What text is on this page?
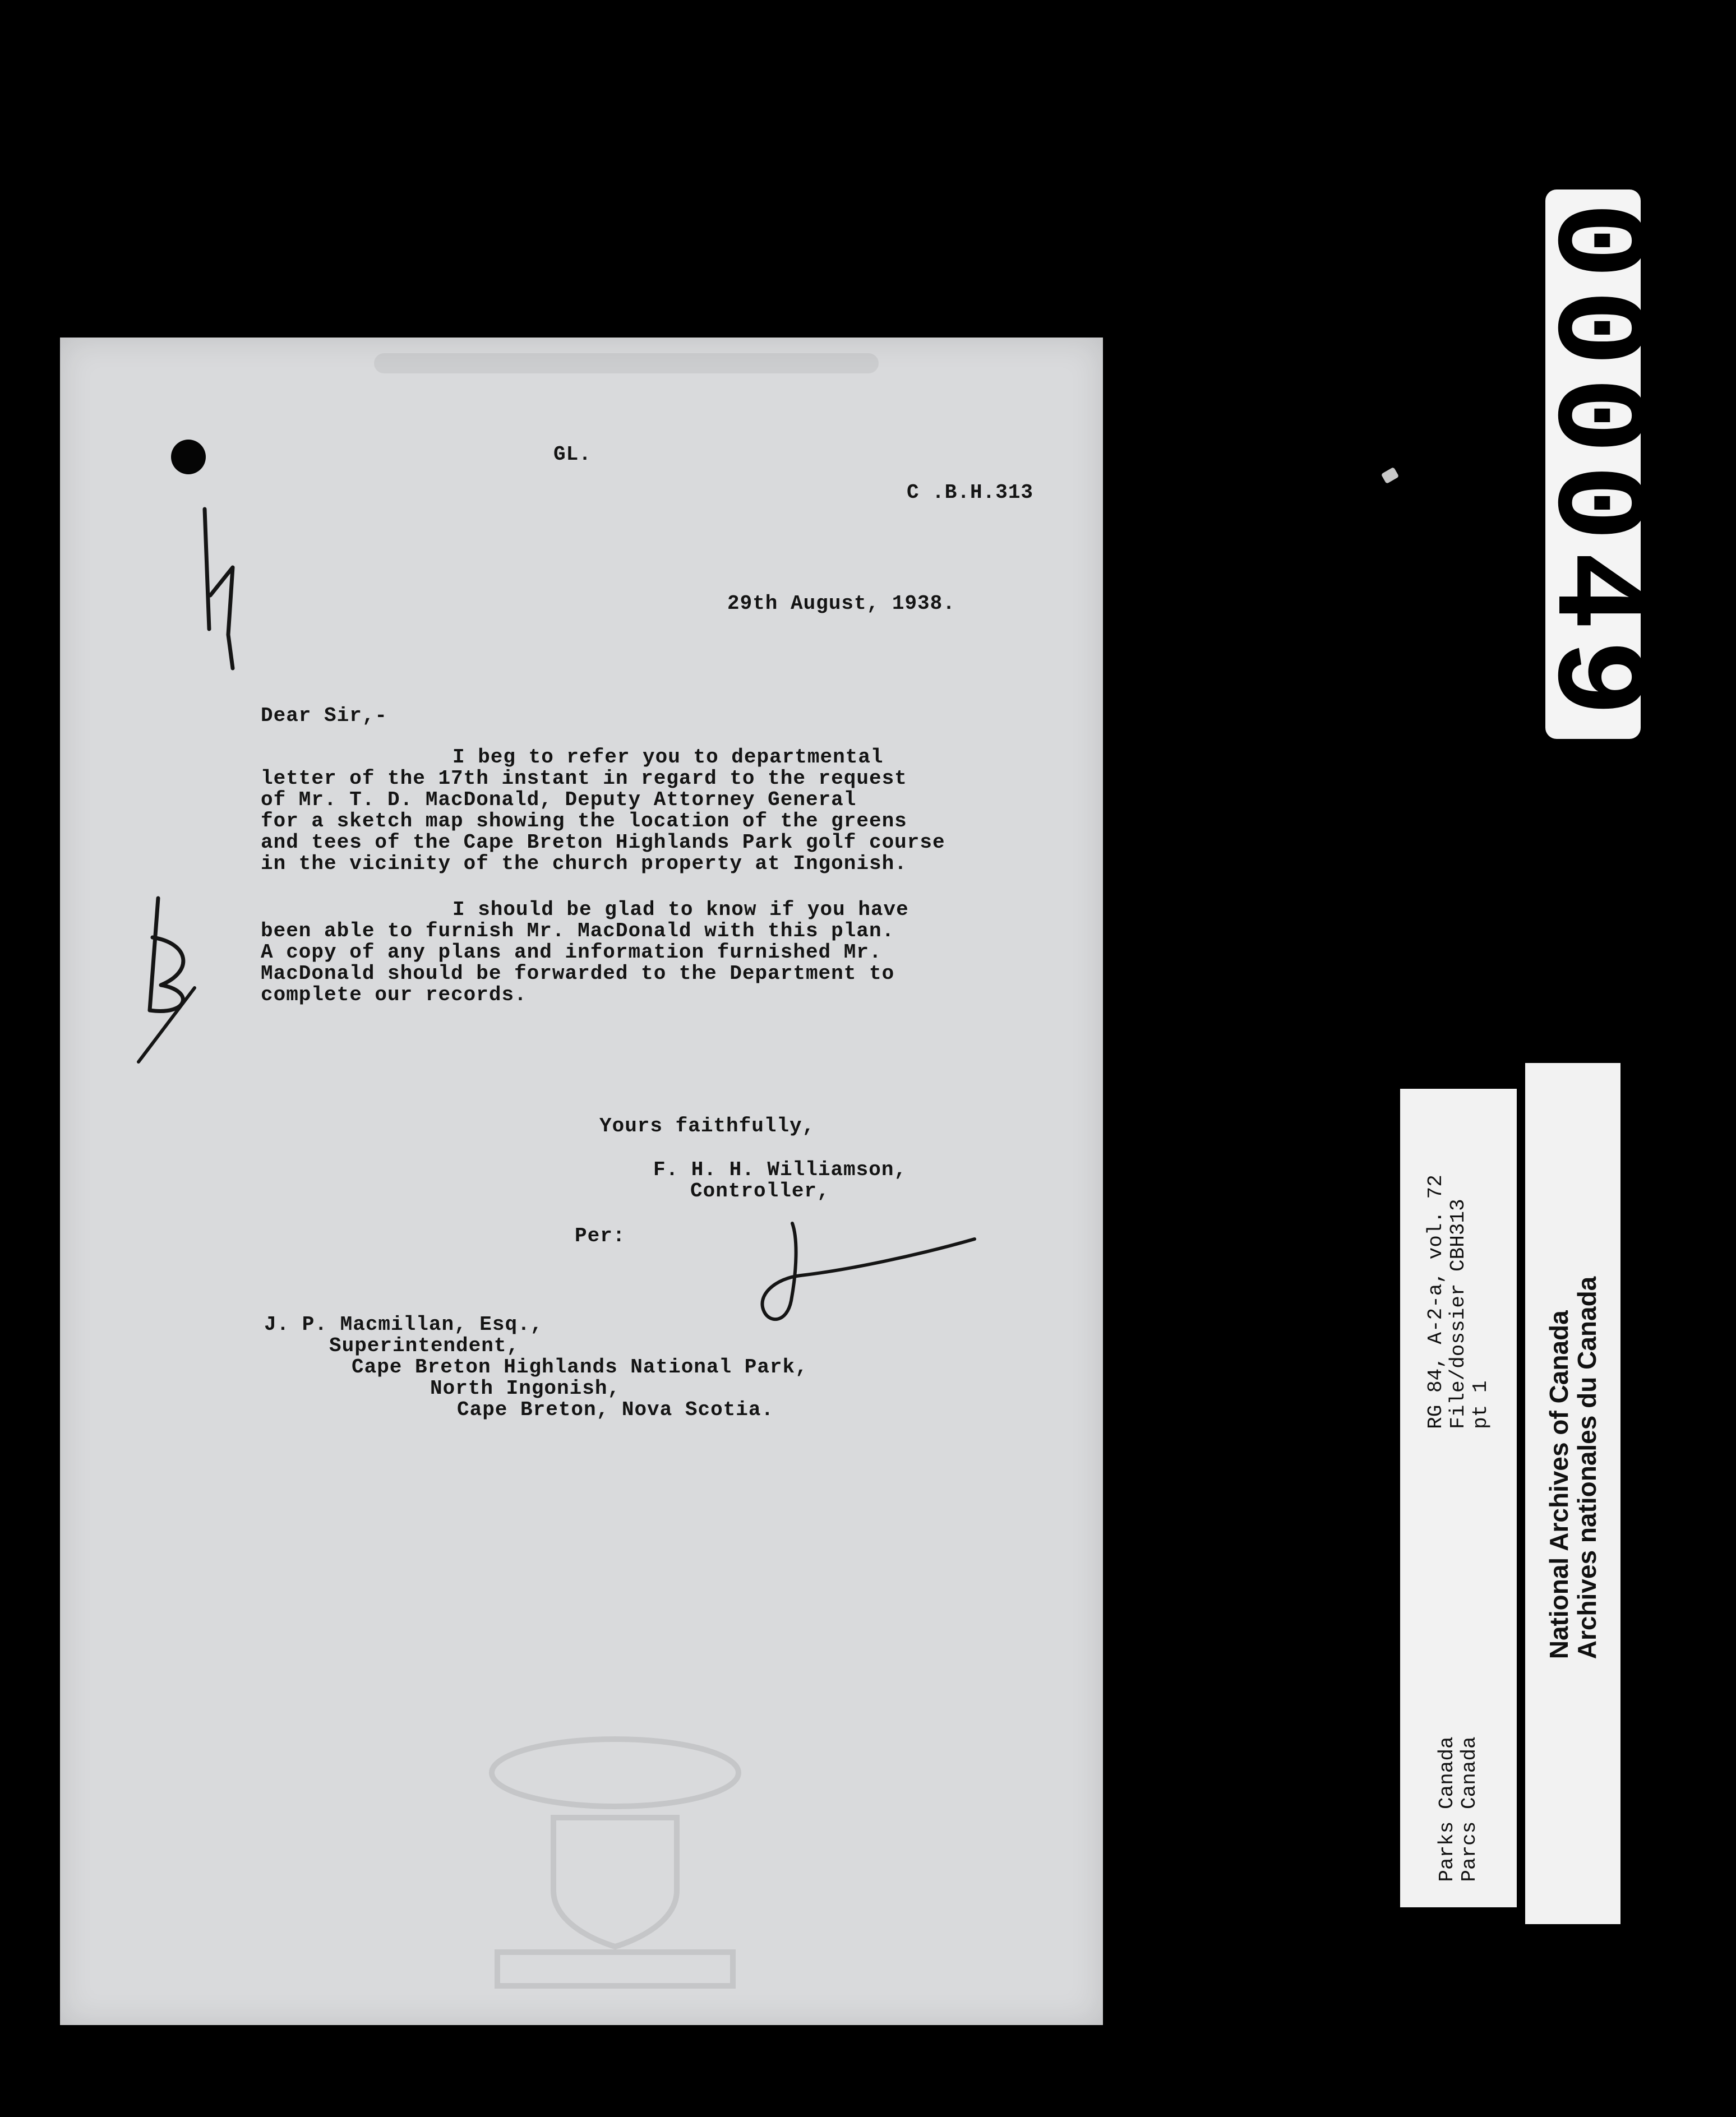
GL.
C .B.H.313
29th August, 1938.
Dear Sir,-
I beg to refer you to departmental
letter of the 17th instant in regard to the request
of Mr. T. D. MacDonald, Deputy Attorney General
for a sketch map showing the location of the greens
and tees of the Cape Breton Highlands Park golf course
in the vicinity of the church property at Ingonish.
I should be glad to know if you have
been able to furnish Mr. MacDonald with this plan.
A copy of any plans and information furnished Mr.
MacDonald should be forwarded to the Department to
complete our records.
Yours faithfully,
F. H. H. Williamson,
Controller,
Per:
J. P. Macmillan, Esq.,
Superintendent,
Cape Breton Highlands National Park,
North Ingonish,
Cape Breton, Nova Scotia.
000049
RG 84, A-2-a, vol. 72
File/dossier CBH313
pt 1
Parks Canada
Parcs Canada
National Archives of Canada
Archives nationales du Canada
